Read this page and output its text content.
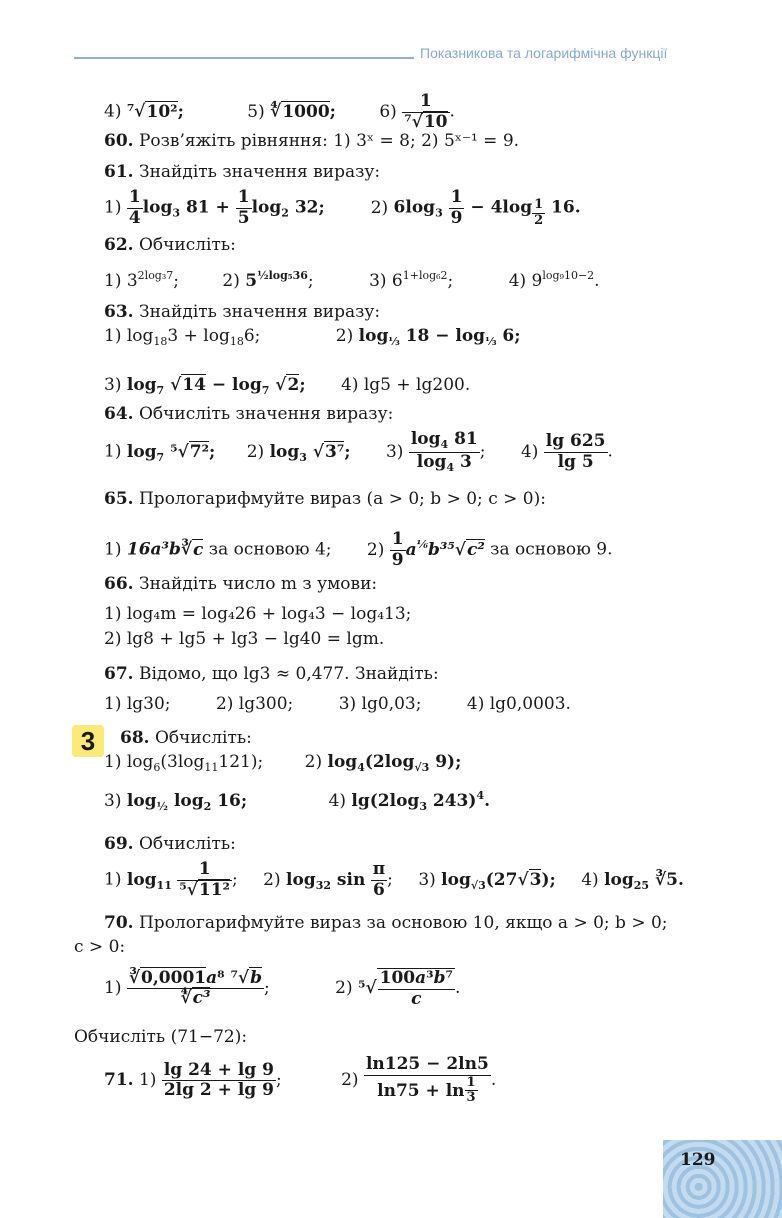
Показникова та логарифмічна функції
4) ⁷√10²;	5) ∜1000;	$6) \frac{1}{\text{⁷√10}}$ .
60. Розв’яжіть рівняння: 1) 3ˣ = 8; 2) 5ˣ⁻¹ = 9.
61. Знайдіть значення виразу:
$1) \frac{1}{4} \log_3 81 + \frac{1}{5} \log_2 32$; 2) $6\log_3 \frac{1}{9} - 4\log$ $_{\frac{1}{2}}$ 16.
62. Обчисліть:
1) $3^{2log_37}$; 2) $5^{\frac{1}{2}log_536}$;	3) $6^{1+log_62}$;	4) $9^{log_910-2}$.
63. Знайдіть значення виразу:
1) $\log_{18}3 + \log_{18}6$;	2) $\log_{\frac{1}{3}} 18 - \log_{\frac{1}{3}} 6$;
3) $\log_7 √14 - \log_7 √2$; 4) lg5 + lg200.
64. Обчисліть значення виразу:
1) $\log_7 ^5√7^2$; 2) $\log_3 √3^7$; $3) \frac{\log_4 81}{\log_4 3}$ ; $4) \frac{\lg 625}{\lg 5}$ .
65. Прологарифмуйте вираз (a > 0; b > 0; c > 0):
1) 16a³b∛c за основою 4; $2) \frac{1}{9} a^{\frac{1}{6}}b^{35}√c^2$ за основою 9.
66. Знайдіть число m з умови:
1) log₄m = log₄26 + log₄3 − log₄13;
2) lg8 + lg5 + lg3 − lg40 = lgm.
67. Відомо, що lg3 ≈ 0,477. Знайдіть:
1) lg30;	2) lg300;	3) lg0,03;	4) lg0,0003.
3	68. Обчисліть:
1) $\log_6(3\log_{11}121)$; 2) $\log_4(2\log_{√3}$ 9);
3) $\log_{\frac{1}{2}} \log_2 16$;	4) $\lg(2\log_3$ 243)$^4$.
69. Обчисліть:
1) $\log_{11} \frac{1}{\text{⁵√11²}}$ ; 2) $\log_{32} \sin \frac{\pi}{6}$ ; 3) $\log_{√3}(27√3)$; 4) $\log_{25}$ ∛5.
70. Прологарифмуйте вираз за основою 10, якщо a > 0; b > 0;
c > 0:
$1) \frac{\text{∛0,0001a⁸ ⁷√b}}{\text{∜c³}}$ ;	2) $^5√ \frac{\text{100a³b⁷}}{c}$ .
Обчисліть (71−72):
71. $1) \frac{\lg 24 + \lg 9}{2\lg 2 + \lg 9}$ ;	$2) \frac{\ln 125 - 2\ln 5}{\ln 75 + \ln \frac{1}{3}}$ .
129
